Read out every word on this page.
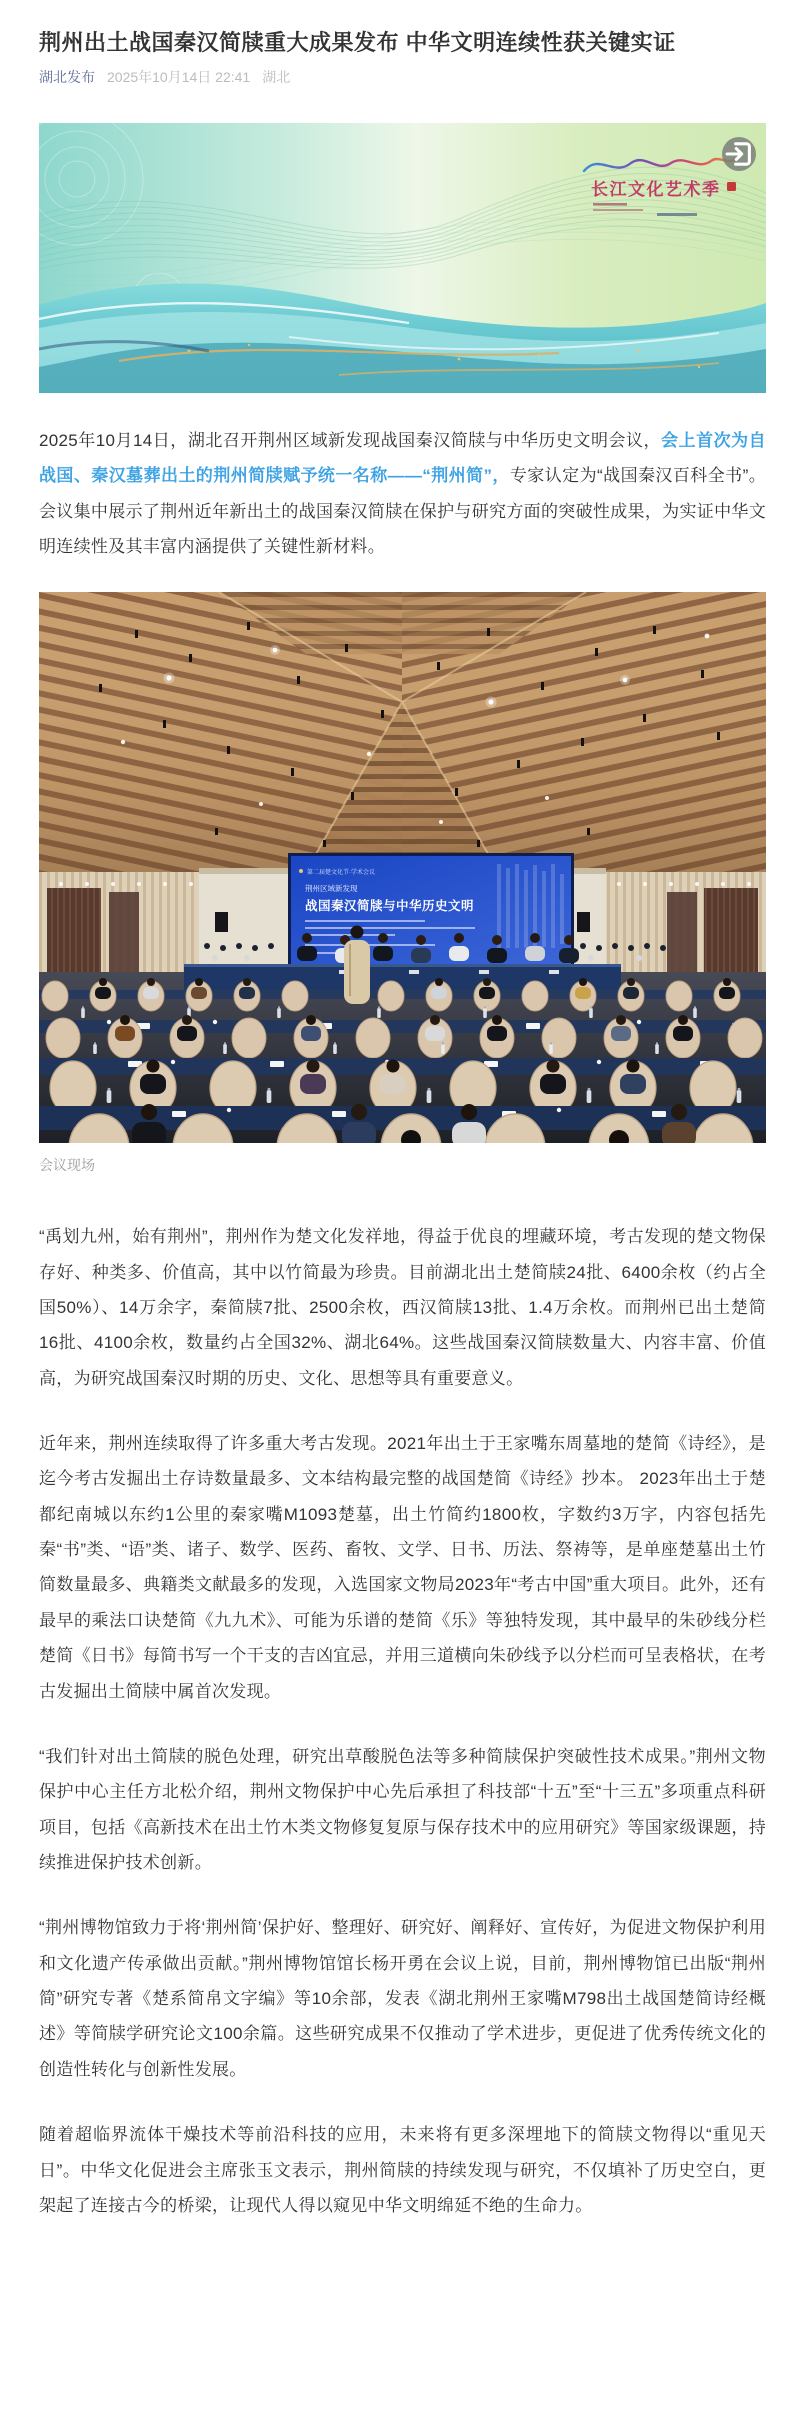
荆州出土战国秦汉简牍重大成果发布 中华文明连续性获关键实证
湖北发布 2025年10月14日 22:41 湖北
长江文化艺术季

2025年10月14日，湖北召开荆州区域新发现战国秦汉简牍与中华历史文明会议，会上首次为自战国、秦汉墓葬出土的荆州简牍赋予统一名称——“荆州简”，专家认定为“战国秦汉百科全书”。会议集中展示了荆州近年新出土的战国秦汉简牍在保护与研究方面的突破性成果，为实证中华文明连续性及其丰富内涵提供了关键性新材料。

第二届楚文化节·学术会议
荆州区域新发现
战国秦汉简牍与中华历史文明
会议现场

“禹划九州，始有荆州”，荆州作为楚文化发祥地，得益于优良的埋藏环境，考古发现的楚文物保存好、种类多、价值高，其中以竹简最为珍贵。目前湖北出土楚简牍24批、6400余枚（约占全国50%）、14万余字，秦简牍7批、2500余枚，西汉简牍13批、1.4万余枚。而荆州已出土楚简16批、4100余枚，数量约占全国32%、湖北64%。这些战国秦汉简牍数量大、内容丰富、价值高，为研究战国秦汉时期的历史、文化、思想等具有重要意义。

近年来，荆州连续取得了许多重大考古发现。2021年出土于王家嘴东周墓地的楚简《诗经》，是迄今考古发掘出土存诗数量最多、文本结构最完整的战国楚简《诗经》抄本。 2023年出土于楚都纪南城以东约1公里的秦家嘴M1093楚墓，出土竹简约1800枚，字数约3万字，内容包括先秦“书”类、“语”类、诸子、数学、医药、畜牧、文学、日书、历法、祭祷等，是单座楚墓出土竹简数量最多、典籍类文献最多的发现，入选国家文物局2023年“考古中国”重大项目。此外，还有最早的乘法口诀楚简《九九术》、可能为乐谱的楚简《乐》等独特发现，其中最早的朱砂线分栏楚简《日书》每简书写一个干支的吉凶宜忌，并用三道横向朱砂线予以分栏而可呈表格状，在考古发掘出土简牍中属首次发现。

“我们针对出土简牍的脱色处理，研究出草酸脱色法等多种简牍保护突破性技术成果。”荆州文物保护中心主任方北松介绍，荆州文物保护中心先后承担了科技部“十五”至“十三五”多项重点科研项目，包括《高新技术在出土竹木类文物修复复原与保存技术中的应用研究》等国家级课题，持续推进保护技术创新。

“荆州博物馆致力于将‘荆州简’保护好、整理好、研究好、阐释好、宣传好，为促进文物保护利用和文化遗产传承做出贡献。”荆州博物馆馆长杨开勇在会议上说，目前，荆州博物馆已出版“荆州简”研究专著《楚系简帛文字编》等10余部，发表《湖北荆州王家嘴M798出土战国楚简诗经概述》等简牍学研究论文100余篇。这些研究成果不仅推动了学术进步，更促进了优秀传统文化的创造性转化与创新性发展。

随着超临界流体干燥技术等前沿科技的应用，未来将有更多深埋地下的简牍文物得以“重见天日”。中华文化促进会主席张玉文表示，荆州简牍的持续发现与研究，不仅填补了历史空白，更架起了连接古今的桥梁，让现代人得以窥见中华文明绵延不绝的生命力。
